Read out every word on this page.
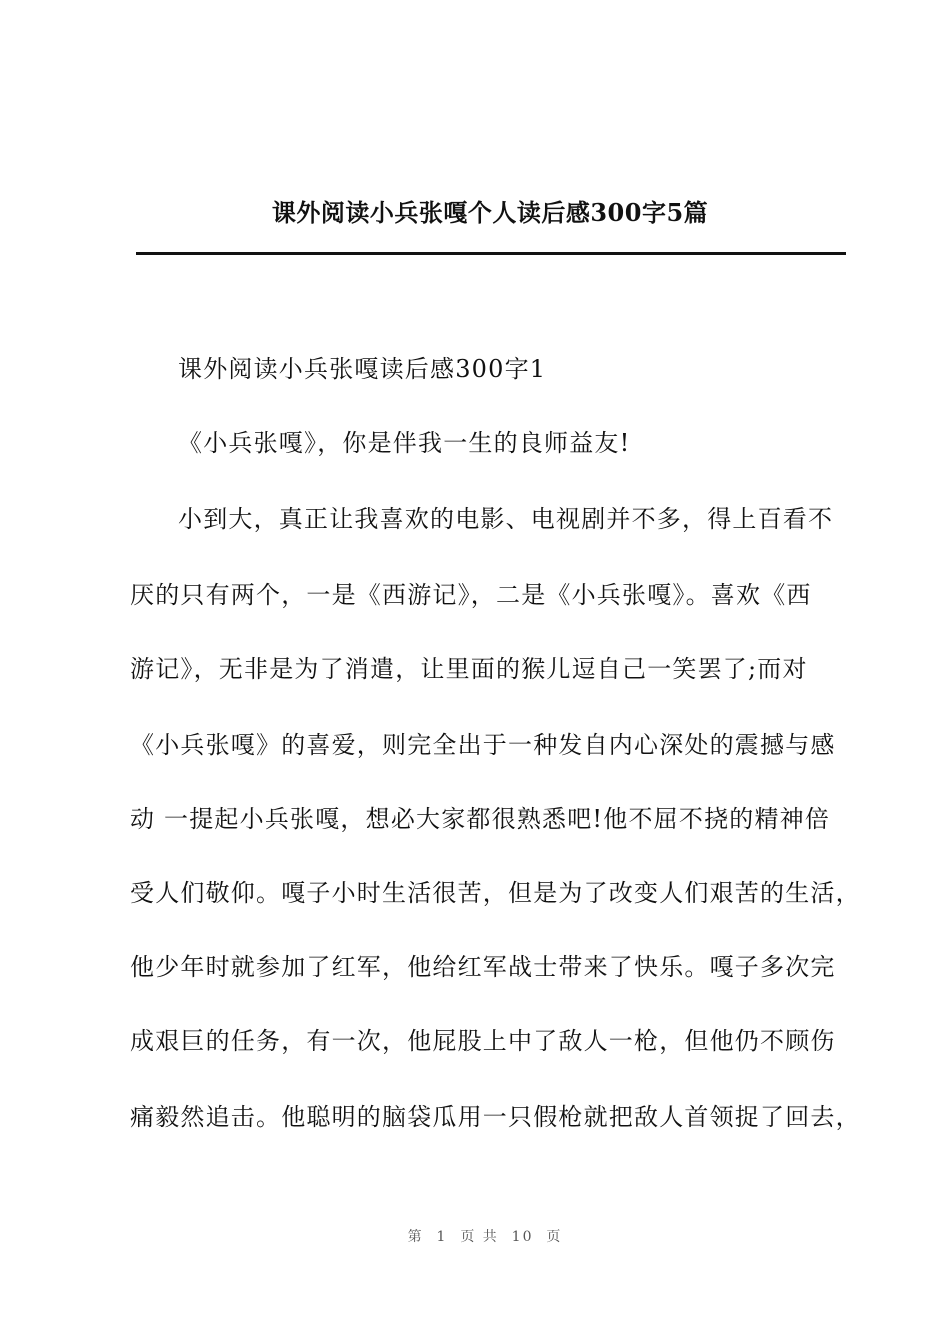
课外阅读小兵张嘎个人读后感300字5篇
课外阅读小兵张嘎读后感300字1
《小兵张嘎》，你是伴我一生的良师益友!
小到大，真正让我喜欢的电影、电视剧并不多，得上百看不
厌的只有两个，一是《西游记》，二是《小兵张嘎》。喜欢《西
游记》，无非是为了消遣，让里面的猴儿逗自己一笑罢了;而对
《小兵张嘎》的喜爱，则完全出于一种发自内心深处的震撼与感
动 一提起小兵张嘎，想必大家都很熟悉吧!他不屈不挠的精神倍
受人们敬仰。嘎子小时生活很苦，但是为了改变人们艰苦的生活，
他少年时就参加了红军，他给红军战士带来了快乐。嘎子多次完
成艰巨的任务，有一次，他屁股上中了敌人一枪，但他仍不顾伤
痛毅然追击。他聪明的脑袋瓜用一只假枪就把敌人首领捉了回去，
第  1  页 共  10  页
